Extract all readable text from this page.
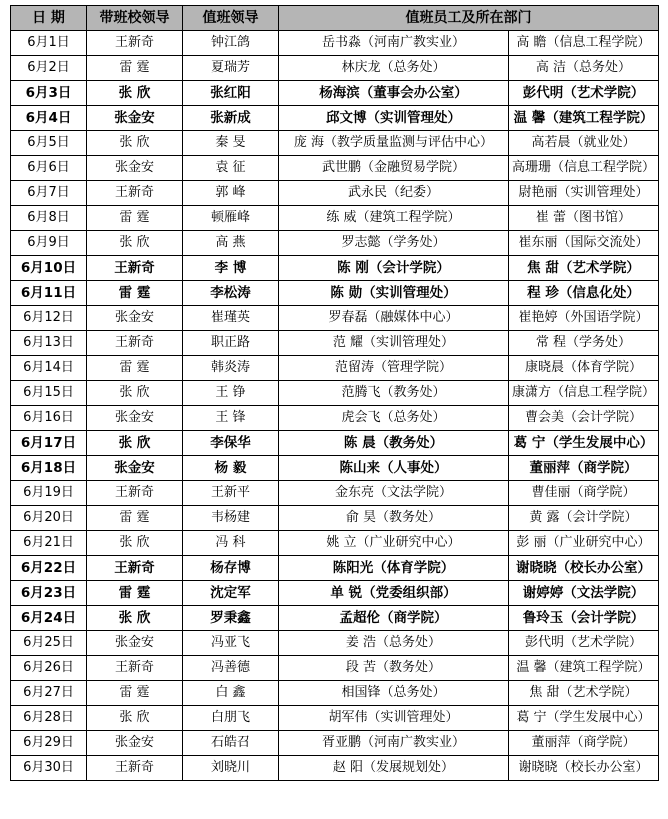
日 期	带班校领导	值班领导	值班员工及所在部门	
6月1日	王新奇	钟江鸽	岳书淼（河南广教实业）	高 瞻（信息工程学院）
6月2日	雷 霆	夏瑞芳	林庆龙（总务处）	高 洁（总务处）
6月3日	张 欣	张红阳	杨海滨（董事会办公室）	彭代明（艺术学院）
6月4日	张金安	张新成	邱文博（实训管理处）	温 馨（建筑工程学院）
6月5日	张 欣	秦 旻	庞 海（教学质量监测与评估中心）	高若晨（就业处）
6月6日	张金安	袁 征	武世鹏（金融贸易学院）	高珊珊（信息工程学院）
6月7日	王新奇	郭 峰	武永民（纪委）	尉艳丽（实训管理处）
6月8日	雷 霆	顿雁峰	练 威（建筑工程学院）	崔 蕾（图书馆）
6月9日	张 欣	高 燕	罗志懿（学务处）	崔东丽（国际交流处）
6月10日	王新奇	李 博	陈 刚（会计学院）	焦 甜（艺术学院）
6月11日	雷 霆	李松涛	陈 勋（实训管理处）	程 珍（信息化处）
6月12日	张金安	崔瑾英	罗春磊（融媒体中心）	崔艳婷（外国语学院）
6月13日	王新奇	职正路	范 耀（实训管理处）	常 程（学务处）
6月14日	雷 霆	韩炎涛	范留涛（管理学院）	康晓晨（体育学院）
6月15日	张 欣	王 铮	范腾飞（教务处）	康潇方（信息工程学院）
6月16日	张金安	王 锋	虎会飞（总务处）	曹会美（会计学院）
6月17日	张 欣	李保华	陈 晨（教务处）	葛 宁（学生发展中心）
6月18日	张金安	杨 毅	陈山来（人事处）	董丽萍（商学院）
6月19日	王新奇	王新平	金东亮（文法学院）	曹佳丽（商学院）
6月20日	雷 霆	韦杨建	俞 昊（教务处）	黄 露（会计学院）
6月21日	张 欣	冯 科	姚 立（广业研究中心）	彭 丽（广业研究中心）
6月22日	王新奇	杨存博	陈阳光（体育学院）	谢晓晓（校长办公室）
6月23日	雷 霆	沈定军	单 锐（党委组织部）	谢婷婷（文法学院）
6月24日	张 欣	罗秉鑫	孟超伦（商学院）	鲁玲玉（会计学院）
6月25日	张金安	冯亚飞	姜 浩（总务处）	彭代明（艺术学院）
6月26日	王新奇	冯善德	段 苦（教务处）	温 馨（建筑工程学院）
6月27日	雷 霆	白 鑫	相国锋（总务处）	焦 甜（艺术学院）
6月28日	张 欣	白朋飞	胡军伟（实训管理处）	葛 宁（学生发展中心）
6月29日	张金安	石皓召	胥亚鹏（河南广教实业）	董丽萍（商学院）
6月30日	王新奇	刘晓川	赵 阳（发展规划处）	谢晓晓（校长办公室）
